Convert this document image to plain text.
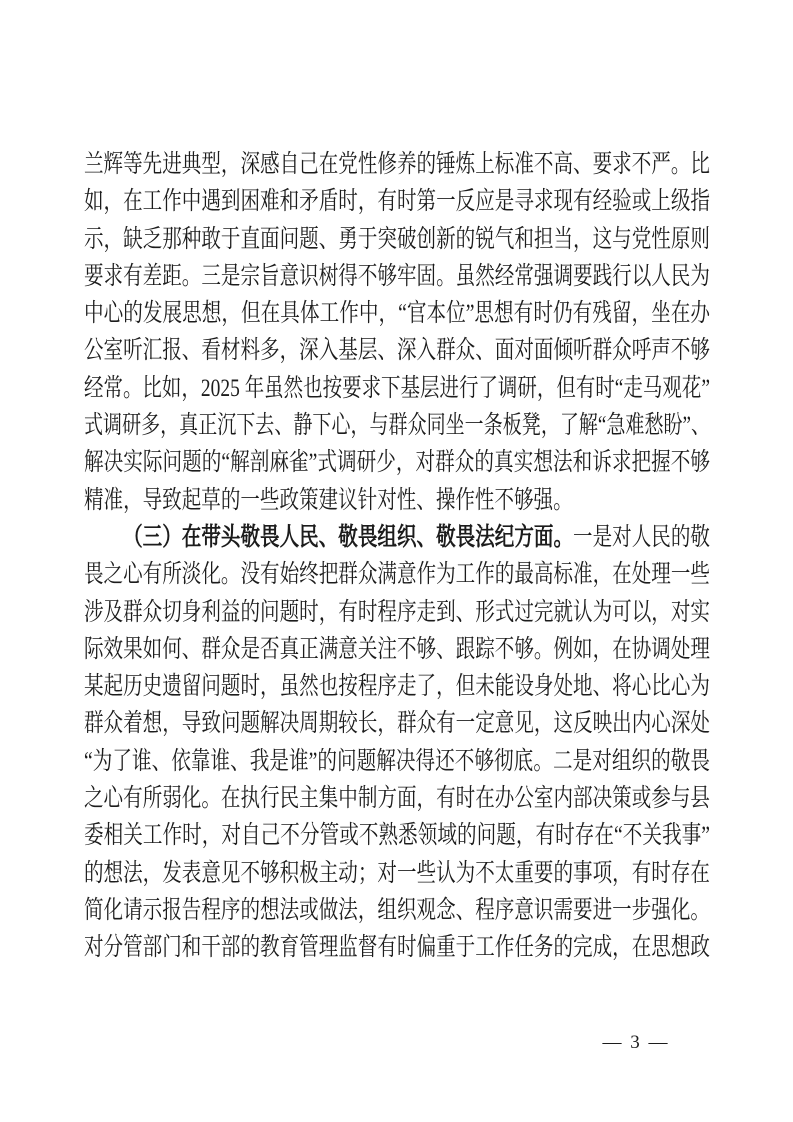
兰辉等先进典型，深感自己在党性修养的锤炼上标准不高、要求不严。比
如，在工作中遇到困难和矛盾时，有时第一反应是寻求现有经验或上级指
示，缺乏那种敢于直面问题、勇于突破创新的锐气和担当，这与党性原则
要求有差距。三是宗旨意识树得不够牢固。虽然经常强调要践行以人民为
中心的发展思想，但在具体工作中，“官本位”思想有时仍有残留，坐在办
公室听汇报、看材料多，深入基层、深入群众、面对面倾听群众呼声不够
经常。比如，2025 年虽然也按要求下基层进行了调研，但有时“走马观花”
式调研多，真正沉下去、静下心，与群众同坐一条板凳，了解“急难愁盼”、
解决实际问题的“解剖麻雀”式调研少，对群众的真实想法和诉求把握不够
精准，导致起草的一些政策建议针对性、操作性不够强。
（三）在带头敬畏人民、敬畏组织、敬畏法纪方面。一是对人民的敬
畏之心有所淡化。没有始终把群众满意作为工作的最高标准，在处理一些
涉及群众切身利益的问题时，有时程序走到、形式过完就认为可以，对实
际效果如何、群众是否真正满意关注不够、跟踪不够。例如，在协调处理
某起历史遗留问题时，虽然也按程序走了，但未能设身处地、将心比心为
群众着想，导致问题解决周期较长，群众有一定意见，这反映出内心深处
“为了谁、依靠谁、我是谁”的问题解决得还不够彻底。二是对组织的敬畏
之心有所弱化。在执行民主集中制方面，有时在办公室内部决策或参与县
委相关工作时，对自己不分管或不熟悉领域的问题，有时存在“不关我事”
的想法，发表意见不够积极主动；对一些认为不太重要的事项，有时存在
简化请示报告程序的想法或做法，组织观念、程序意识需要进一步强化。
对分管部门和干部的教育管理监督有时偏重于工作任务的完成，在思想政
— 3 —
